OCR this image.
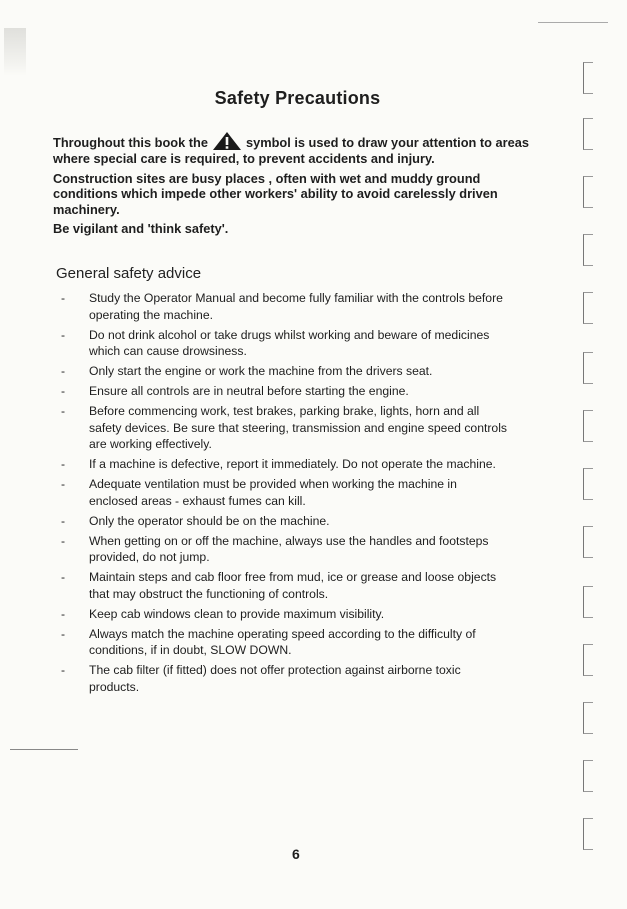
Safety Precautions

Throughout this book the	symbol is used to draw your attention to areas where special care is required, to prevent accidents and injury.

Construction sites are busy places , often with wet and muddy ground conditions which impede other workers' ability to avoid carelessly driven machinery.

Be vigilant and 'think safety'.

General safety advice
- Study the Operator Manual and become fully familiar with the controls before operating the machine.
- Do not drink alcohol or take drugs whilst working and beware of medicines which can cause drowsiness.
- Only start the engine or work the machine from the drivers seat.
- Ensure all controls are in neutral before starting the engine.
- Before commencing work, test brakes, parking brake, lights, horn and all safety devices. Be sure that steering, transmission and engine speed controls are working effectively.
- If a machine is defective, report it immediately. Do not operate the machine.
- Adequate ventilation must be provided when working the machine in enclosed areas - exhaust fumes can kill.
- Only the operator should be on the machine.
- When getting on or off the machine, always use the handles and footsteps provided, do not jump.
- Maintain steps and cab floor free from mud, ice or grease and loose objects that may obstruct the functioning of controls.
- Keep cab windows clean to provide maximum visibility.
- Always match the machine operating speed according to the difficulty of conditions, if in doubt, SLOW DOWN.
- The cab filter (if fitted) does not offer protection against airborne toxic products.
6
